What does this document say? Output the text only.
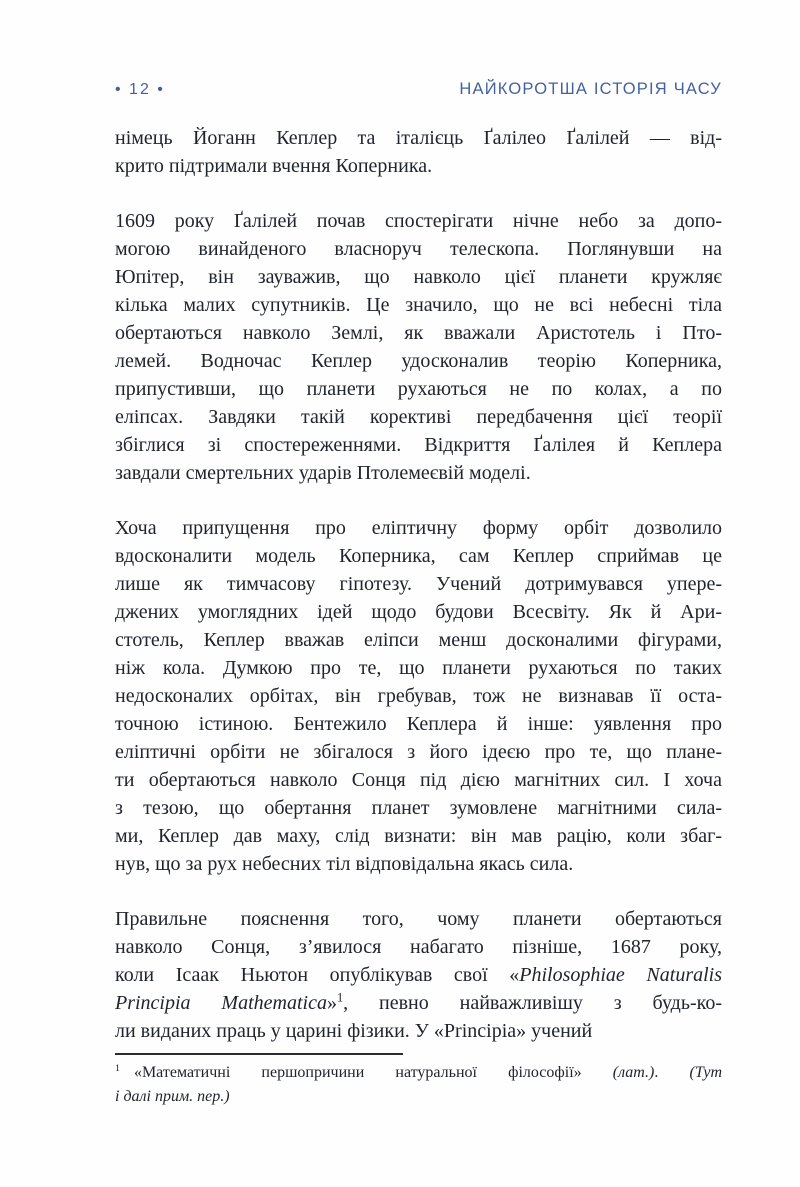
• 12 •	НАЙКОРОТША ІСТОРІЯ ЧАСУ
німець Йоганн Кеплер та італієць Ґалілео Ґалілей — від-
крито підтримали вчення Коперника.
1609 року Ґалілей почав спостерігати нічне небо за допо-
могою винайденого власноруч телескопа. Поглянувши на
Юпітер, він зауважив, що навколо цієї планети кружляє
кілька малих супутників. Це значило, що не всі небесні тіла
обертаються навколо Землі, як вважали Аристотель і Пто-
лемей. Водночас Кеплер удосконалив теорію Коперника,
припустивши, що планети рухаються не по колах, а по
еліпсах. Завдяки такій корективі передбачення цієї теорії
збіглися зі спостереженнями. Відкриття Ґалілея й Кеплера
завдали смертельних ударів Птолемеєвій моделі.
Хоча припущення про еліптичну форму орбіт дозволило
вдосконалити модель Коперника, сам Кеплер сприймав це
лише як тимчасову гіпотезу. Учений дотримувався упере-
джених умоглядних ідей щодо будови Всесвіту. Як й Ари-
стотель, Кеплер вважав еліпси менш досконалими фігурами,
ніж кола. Думкою про те, що планети рухаються по таких
недосконалих орбітах, він гребував, тож не визнавав її оста-
точною істиною. Бентежило Кеплера й інше: уявлення про
еліптичні орбіти не збігалося з його ідеєю про те, що плане-
ти обертаються навколо Сонця під дією магнітних сил. І хоча
з тезою, що обертання планет зумовлене магнітними сила-
ми, Кеплер дав маху, слід визнати: він мав рацію, коли збаг-
нув, що за рух небесних тіл відповідальна якась сила.
Правильне пояснення того, чому планети обертаються
навколо Сонця, з’явилося набагато пізніше, 1687 року,
коли Ісаак Ньютон опублікував свої «Philosophiae Naturalis
Principia Mathematica»$^1$, певно найважливішу з будь-ко-
ли виданих праць у царині фізики. У «Principia» учений
$^1$ «Математичні першопричини натуральної філософії» (лат.). (Тут
і далі прим. пер.)
